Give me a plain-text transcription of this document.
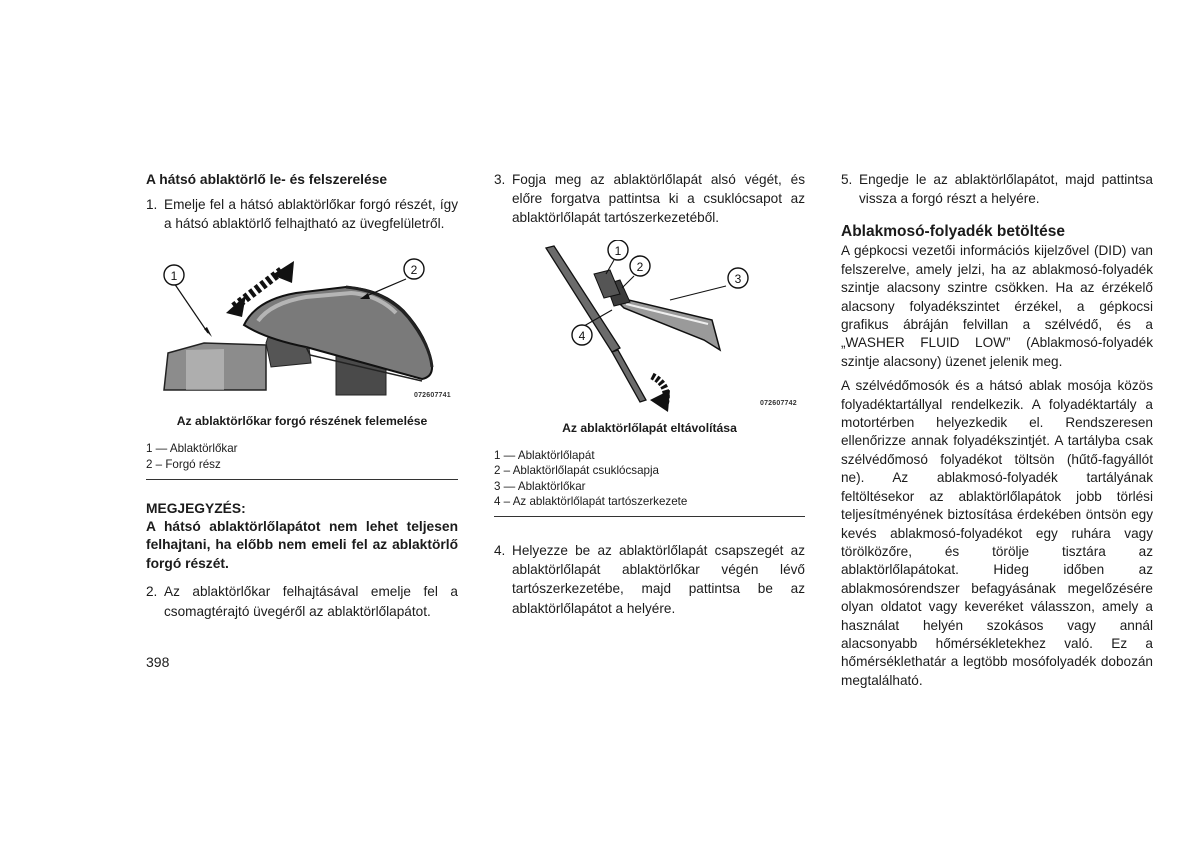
A hátsó ablaktörlő le- és felszerelése

1. Emelje fel a hátsó ablaktörlőkar forgó részét, így a hátsó ablaktörlő felhajtható az üvegfelületről.
1	2
072607741
Az ablaktörlőkar forgó részének felemelése
1 — Ablaktörlőkar
2 – Forgó rész

MEGJEGYZÉS:

A hátsó ablaktörlőlapátot nem lehet teljesen felhajtani, ha előbb nem emeli fel az ablaktörlő forgó részét.

2. Az ablaktörlőkar felhajtásával emelje fel a csomagtérajtó üvegéről az ablaktörlőlapátot.
3. Fogja meg az ablaktörlőlapát alsó végét, és előre forgatva pattintsa ki a csuklócsapot az ablaktörlőlapát tartószerkezetéből.
1
2
3
4
072607742
Az ablaktörlőlapát eltávolítása
1 — Ablaktörlőlapát
2 – Ablaktörlőlapát csuklócsapja
3 — Ablaktörlőkar
4 – Az ablaktörlőlapát tartószerkezete
4. Helyezze be az ablaktörlőlapát csapszegét az ablaktörlőlapát ablaktörlőkar végén lévő tartószerkezetébe, majd pattintsa be az ablaktörlőlapátot a helyére.
5. Engedje le az ablaktörlőlapátot, majd pattintsa vissza a forgó részt a helyére.

Ablakmosó-folyadék betöltése

A gépkocsi vezetői információs kijelzővel (DID) van felszerelve, amely jelzi, ha az ablakmosó-folyadék szintje alacsony szintre csökken. Ha az érzékelő alacsony folyadékszintet érzékel, a gépkocsi grafikus ábráján felvillan a szélvédő, és a „WASHER FLUID LOW” (Ablakmosó-folyadék szintje alacsony) üzenet jelenik meg.

A szélvédőmosók és a hátsó ablak mosója közös folyadéktartállyal rendelkezik. A folyadéktartály a motortérben helyezkedik el. Rendszeresen ellenőrizze annak folyadékszintjét. A tartályba csak szélvédőmosó folyadékot töltsön (hűtő-fagyállót ne). Az ablakmosó-folyadék tartályának feltöltésekor az ablaktörlőlapátok jobb törlési teljesítményének biztosítása érdekében öntsön egy kevés ablakmosó-folyadékot egy ruhára vagy törölközőre, és törölje tisztára az ablaktörlőlapátokat. Hideg időben az ablakmosórendszer befagyásának megelőzésére olyan oldatot vagy keveréket válasszon, amely a használat helyén szokásos vagy annál alacsonyabb hőmérsékletekhez való. Ez a hőmérséklethatár a legtöbb mosófolyadék dobozán megtalálható.

398
